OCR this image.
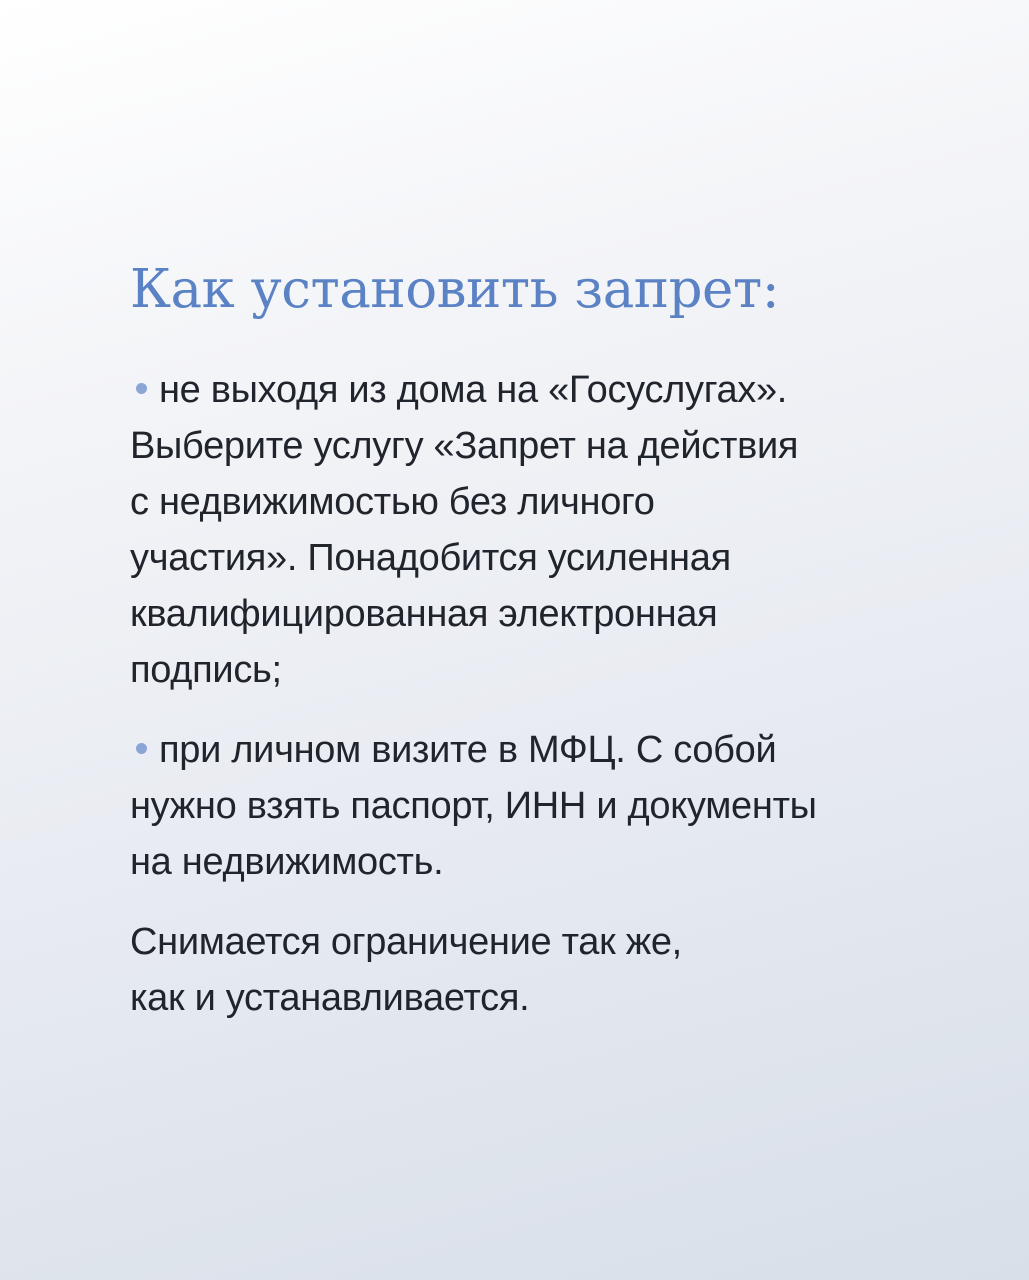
Как установить запрет:
не выходя из дома на «Госуслугах».
Выберите услугу «Запрет на действия
с недвижимостью без личного
участия». Понадобится усиленная
квалифицированная электронная
подпись;
при личном визите в МФЦ. С собой
нужно взять паспорт, ИНН и документы
на недвижимость.
Снимается ограничение так же,
как и устанавливается.
